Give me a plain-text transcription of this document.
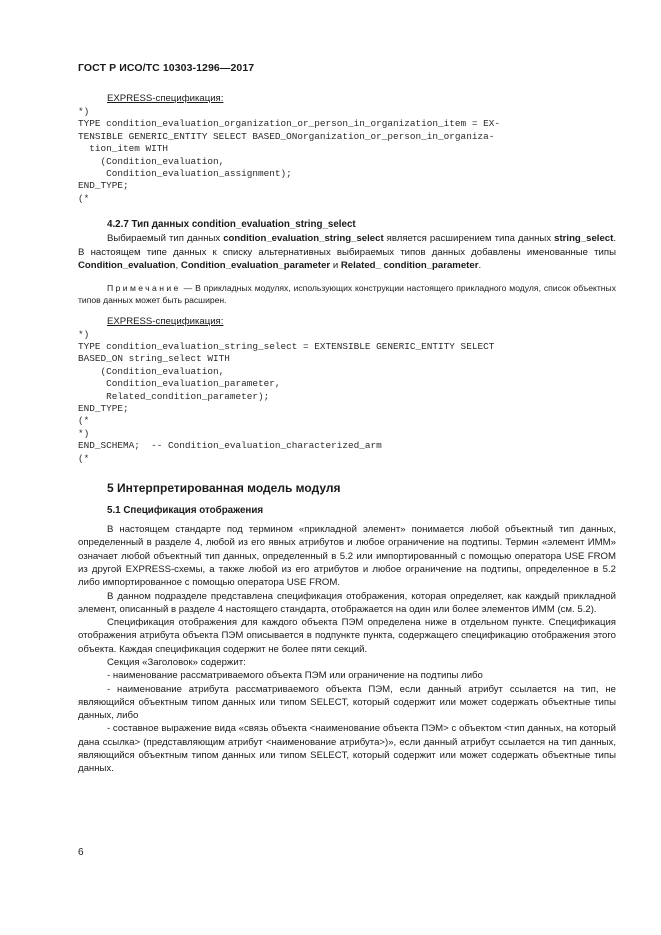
ГОСТ Р ИСО/ТС 10303-1296—2017
EXPRESS-спецификация:
*)
TYPE condition_evaluation_organization_or_person_in_organization_item = EX-
TENSIBLE GENERIC_ENTITY SELECT BASED_ONorganization_or_person_in_organiza-
tion_item WITH
(Condition_evaluation,
Condition_evaluation_assignment);
END_TYPE;
(*

4.2.7 Тип данных condition_evaluation_string_select

Выбираемый тип данных condition_evaluation_string_select является расширением типа данных string_select. В настоящем типе данных к списку альтернативных выбираемых типов данных добавлены именованные типы Condition_evaluation, Condition_evaluation_parameter и Related_ condition_parameter.

Примечание — В прикладных модулях, использующих конструкции настоящего прикладного модуля, список объектных типов данных может быть расширен.

EXPRESS-спецификация:
*)
TYPE condition_evaluation_string_select = EXTENSIBLE GENERIC_ENTITY SELECT
BASED_ON string_select WITH
(Condition_evaluation,
Condition_evaluation_parameter,
Related_condition_parameter);
END_TYPE;
(*
*)
END_SCHEMA;  -- Condition_evaluation_characterized_arm
(*

5 Интерпретированная модель модуля

5.1 Спецификация отображения

В настоящем стандарте под термином «прикладной элемент» понимается любой объектный тип данных, определенный в разделе 4, любой из его явных атрибутов и любое ограничение на подтипы. Термин «элемент ИММ» означает любой объектный тип данных, определенный в 5.2 или импортированный с помощью оператора USE FROM из другой EXPRESS-схемы, а также любой из его атрибутов и любое ограничение на подтипы, определенное в 5.2 либо импортированное с помощью оператора USE FROM.

В данном подразделе представлена спецификация отображения, которая определяет, как каждый прикладной элемент, описанный в разделе 4 настоящего стандарта, отображается на один или более элементов ИММ (см. 5.2).

Спецификация отображения для каждого объекта ПЭМ определена ниже в отдельном пункте. Спецификация отображения атрибута объекта ПЭМ описывается в подпункте пункта, содержащего спецификацию отображения этого объекта. Каждая спецификация содержит не более пяти секций.

Секция «Заголовок» содержит:

- наименование рассматриваемого объекта ПЭМ или ограничение на подтипы либо

- наименование атрибута рассматриваемого объекта ПЭМ, если данный атрибут ссылается на тип, не являющийся объектным типом данных или типом SELECT, который содержит или может содержать объектные типы данных, либо

- составное выражение вида «связь объекта <наименование объекта ПЭМ> с объектом <тип данных, на который дана ссылка> (представляющим атрибут <наименование атрибута>)», если данный атрибут ссылается на тип данных, являющийся объектным типом данных или типом SELECT, который содержит или может содержать объектные типы данных.

6
